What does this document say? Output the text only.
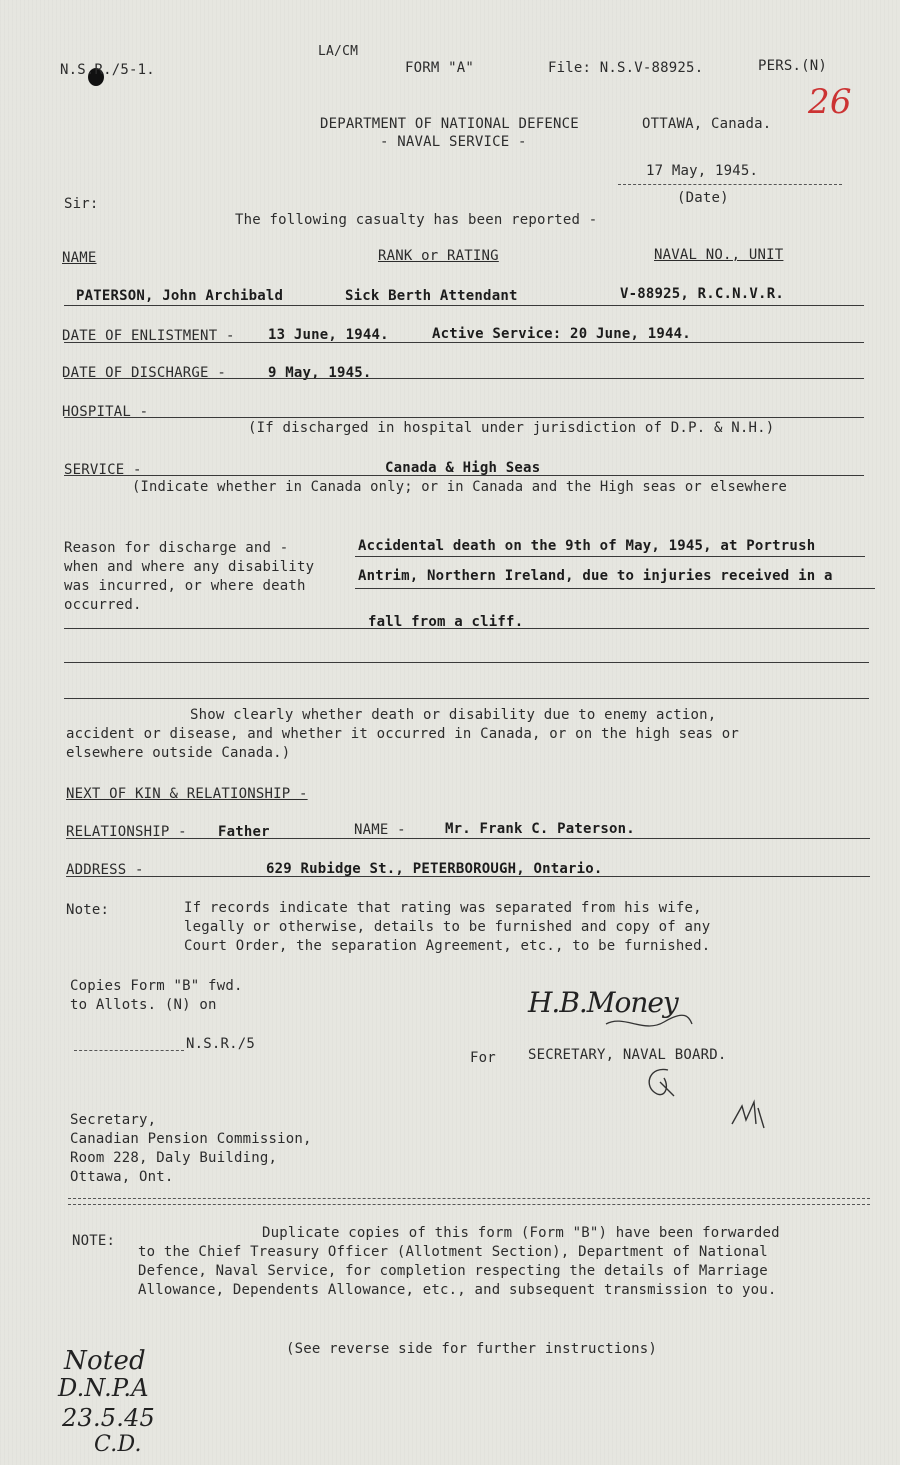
N.S.R./5-1.
LA/CM
FORM "A"	File: N.S.V-88925.	PERS.(N)
26
DEPARTMENT OF NATIONAL DEFENCE	OTTAWA, Canada.
- NAVAL SERVICE -
17 May, 1945.
(Date)
Sir:
The following casualty has been reported -
NAME	RANK or RATING	NAVAL NO., UNIT
PATERSON, John Archibald	Sick Berth Attendant	V-88925, R.C.N.V.R.
DATE OF ENLISTMENT - 13 June, 1944.	Active Service: 20 June, 1944.
DATE OF DISCHARGE -	9 May, 1945.
HOSPITAL -
(If discharged in hospital under jurisdiction of D.P. & N.H.)
SERVICE -	Canada & High Seas
(Indicate whether in Canada only; or in Canada and the High seas or elsewhere
Reason for discharge and -
when and where any disability
was incurred, or where death
occurred.
Accidental death on the 9th of May, 1945, at Portrush
Antrim, Northern Ireland, due to injuries received in a
fall from a cliff.
Show clearly whether death or disability due to enemy action,
accident or disease, and whether it occurred in Canada, or on the high seas or
elsewhere outside Canada.)
NEXT OF KIN & RELATIONSHIP -
RELATIONSHIP - Father	NAME -	Mr. Frank C. Paterson.
ADDRESS -	629 Rubidge St., PETERBOROUGH, Ontario.
Note:	If records indicate that rating was separated from his wife,
legally or otherwise, details to be furnished and copy of any
Court Order, the separation Agreement, etc., to be furnished.
Copies Form "B" fwd.
to Allots. (N) on
N.S.R./5
H.B.Money
For SECRETARY, NAVAL BOARD.
Secretary,
Canadian Pension Commission,
Room 228, Daly Building,
Ottawa, Ont.
NOTE:	Duplicate copies of this form (Form "B") have been forwarded
to the Chief Treasury Officer (Allotment Section), Department of National
Defence, Naval Service, for completion respecting the details of Marriage
Allowance, Dependents Allowance, etc., and subsequent transmission to you.
(See reverse side for further instructions)
Noted
D.N.P.A
23.5.45
C.D.
